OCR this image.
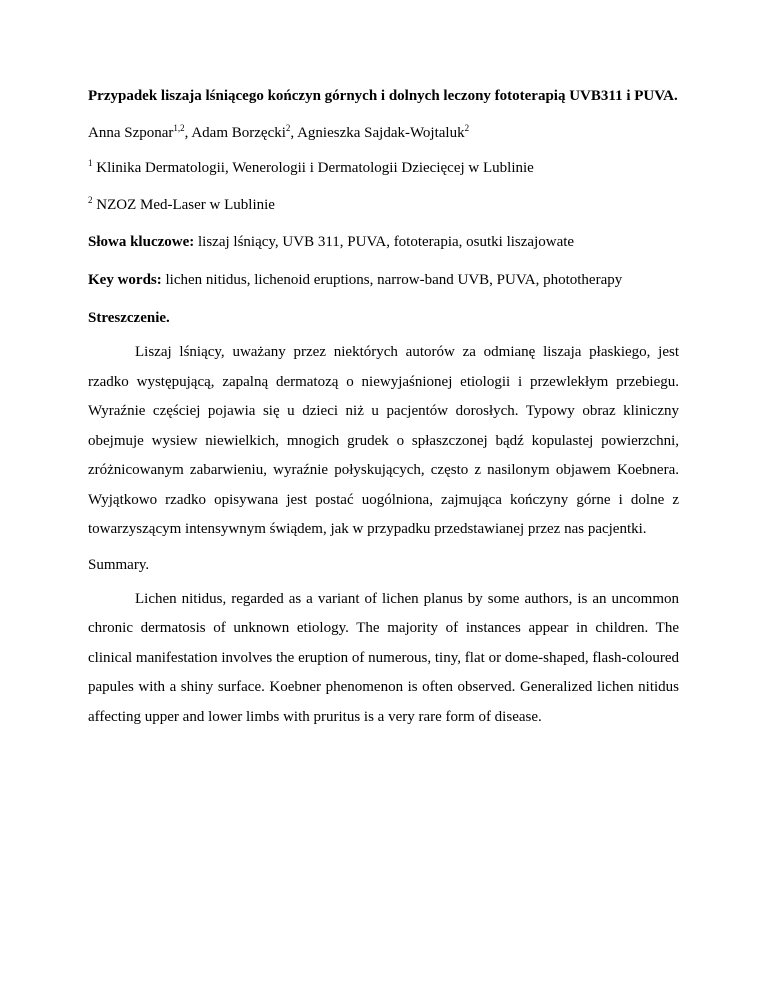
Przypadek liszaja lśniącego kończyn górnych i dolnych leczony fototerapią UVB311 i PUVA.

Anna Szponar$^{1,2}$, Adam Borzęcki$^2$, Agnieszka Sajdak-Wojtaluk$^2$

$^1$ Klinika Dermatologii, Wenerologii i Dermatologii Dziecięcej w Lublinie

$^2$ NZOZ Med-Laser w Lublinie

Słowa kluczowe: liszaj lśniący, UVB 311, PUVA, fototerapia, osutki liszajowate

Key words: lichen nitidus, lichenoid eruptions, narrow-band UVB, PUVA, phototherapy

Streszczenie.

Liszaj lśniący, uważany przez niektórych autorów za odmianę liszaja płaskiego, jest rzadko występującą, zapalną dermatozą o niewyjaśnionej etiologii i przewlekłym przebiegu. Wyraźnie częściej pojawia się u dzieci niż u pacjentów dorosłych. Typowy obraz kliniczny obejmuje wysiew niewielkich, mnogich grudek o spłaszczonej bądź kopulastej powierzchni, zróżnicowanym zabarwieniu, wyraźnie połyskujących, często z nasilonym objawem Koebnera. Wyjątkowo rzadko opisywana jest postać uogólniona, zajmująca kończyny górne i dolne z towarzyszącym intensywnym świądem, jak w przypadku przedstawianej przez nas pacjentki.

Summary.

Lichen nitidus, regarded as a variant of lichen planus by some authors, is an uncommon chronic dermatosis of unknown etiology. The majority of instances appear in children. The clinical manifestation involves the eruption of numerous, tiny, flat or dome-shaped, flash-coloured papules with a shiny surface. Koebner phenomenon is often observed. Generalized lichen nitidus affecting upper and lower limbs with pruritus is a very rare form of disease.
